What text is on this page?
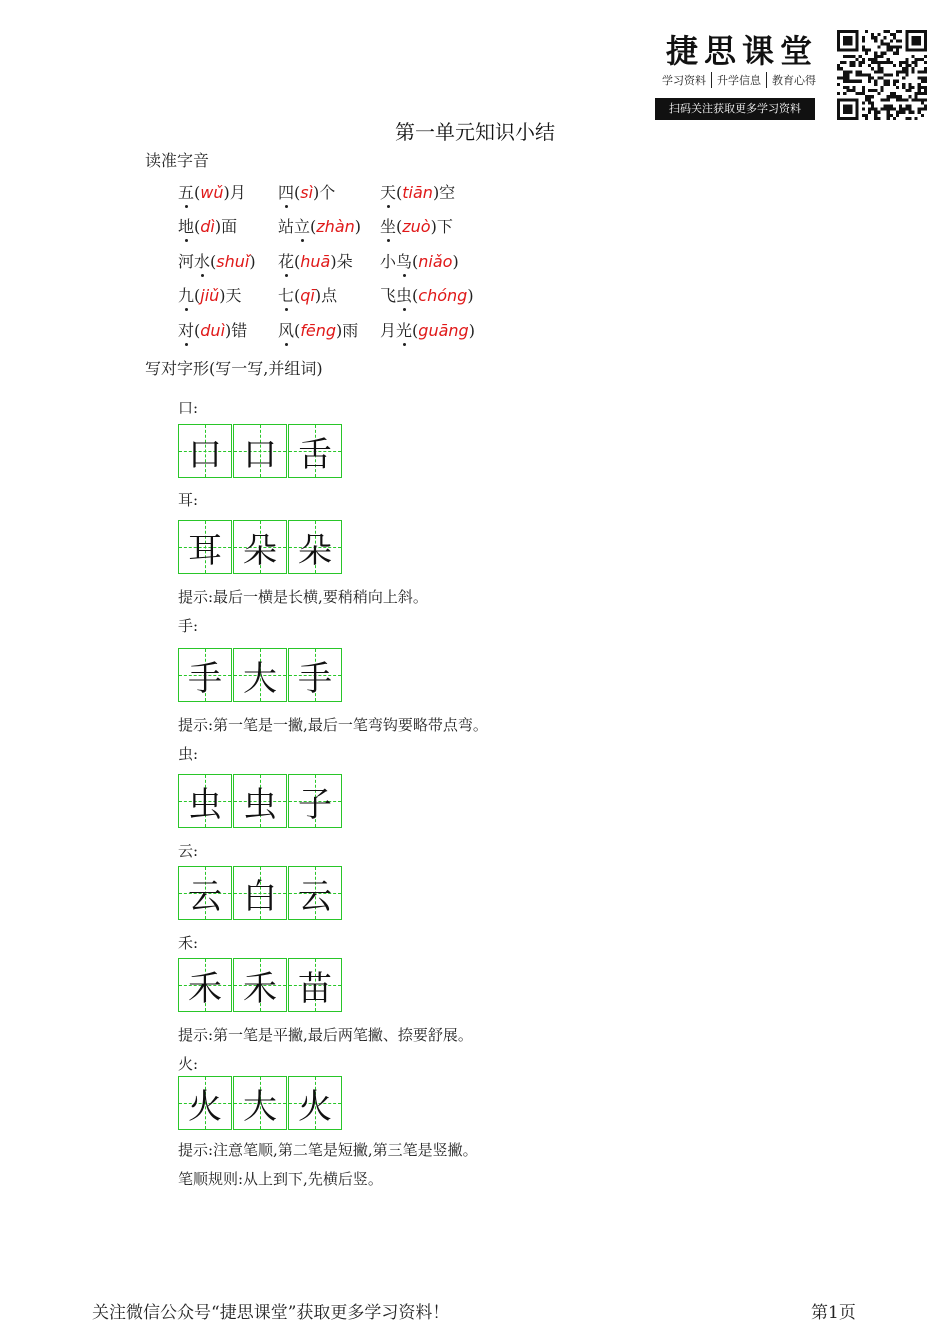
捷思课堂
学习资料 升学信息 教育心得
扫码关注获取更多学习资料
第一单元知识小结
读准字音
五(wǔ)月 四(sì)个	天(tiān)空
地(dì)面	站立(zhàn) 坐(zuò)下
河水(shuǐ) 花(huā)朵 小鸟(niǎo)
九(jiǔ)天 七(qī)点	飞虫(chóng)
对(duì)错 风(fēng)雨 月光(guāng)
写对字形(写一写,并组词)
口:
口 口 舌
耳:
耳 朵 朵
提示:最后一横是长横,要稍稍向上斜。
手:
手 大 手
提示:第一笔是一撇,最后一笔弯钩要略带点弯。
虫:
虫 虫 子
云:
云 白 云
禾:
禾 禾 苗
提示:第一笔是平撇,最后两笔撇、捺要舒展。
火:
火 大 火
提示:注意笔顺,第二笔是短撇,第三笔是竖撇。
笔顺规则:从上到下,先横后竖。
关注微信公众号“捷思课堂”获取更多学习资料！	第1页
